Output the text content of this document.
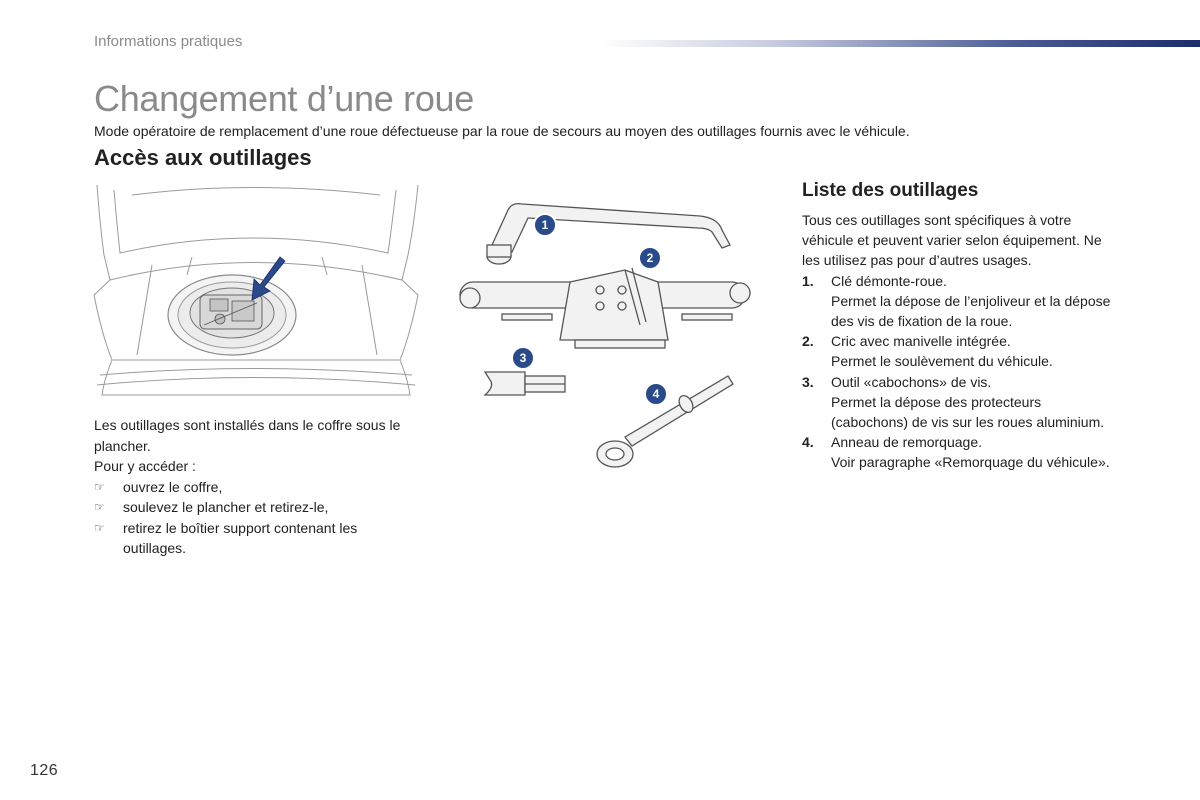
Informations pratiques
Changement d’une roue
Mode opératoire de remplacement d’une roue défectueuse par la roue de secours au moyen des outillages fournis avec le véhicule.
Accès aux outillages
1
2
3
4

Les outillages sont installés dans le coffre sous le plancher.

Pour y accéder :

☞ ouvrez le coffre,
☞ soulevez le plancher et retirez-le,
☞ retirez le boîtier support contenant les outillages.
Liste des outillages

Tous ces outillages sont spécifiques à votre véhicule et peuvent varier selon équipement. Ne les utilisez pas pour d’autres usages.

1. Clé démonte-roue.
Permet la dépose de l’enjoliveur et la dépose des vis de fixation de la roue.
2. Cric avec manivelle intégrée.
Permet le soulèvement du véhicule.
3. Outil «cabochons» de vis.
Permet la dépose des protecteurs (cabochons) de vis sur les roues aluminium.
4. Anneau de remorquage.
Voir paragraphe «Remorquage du véhicule».
126
